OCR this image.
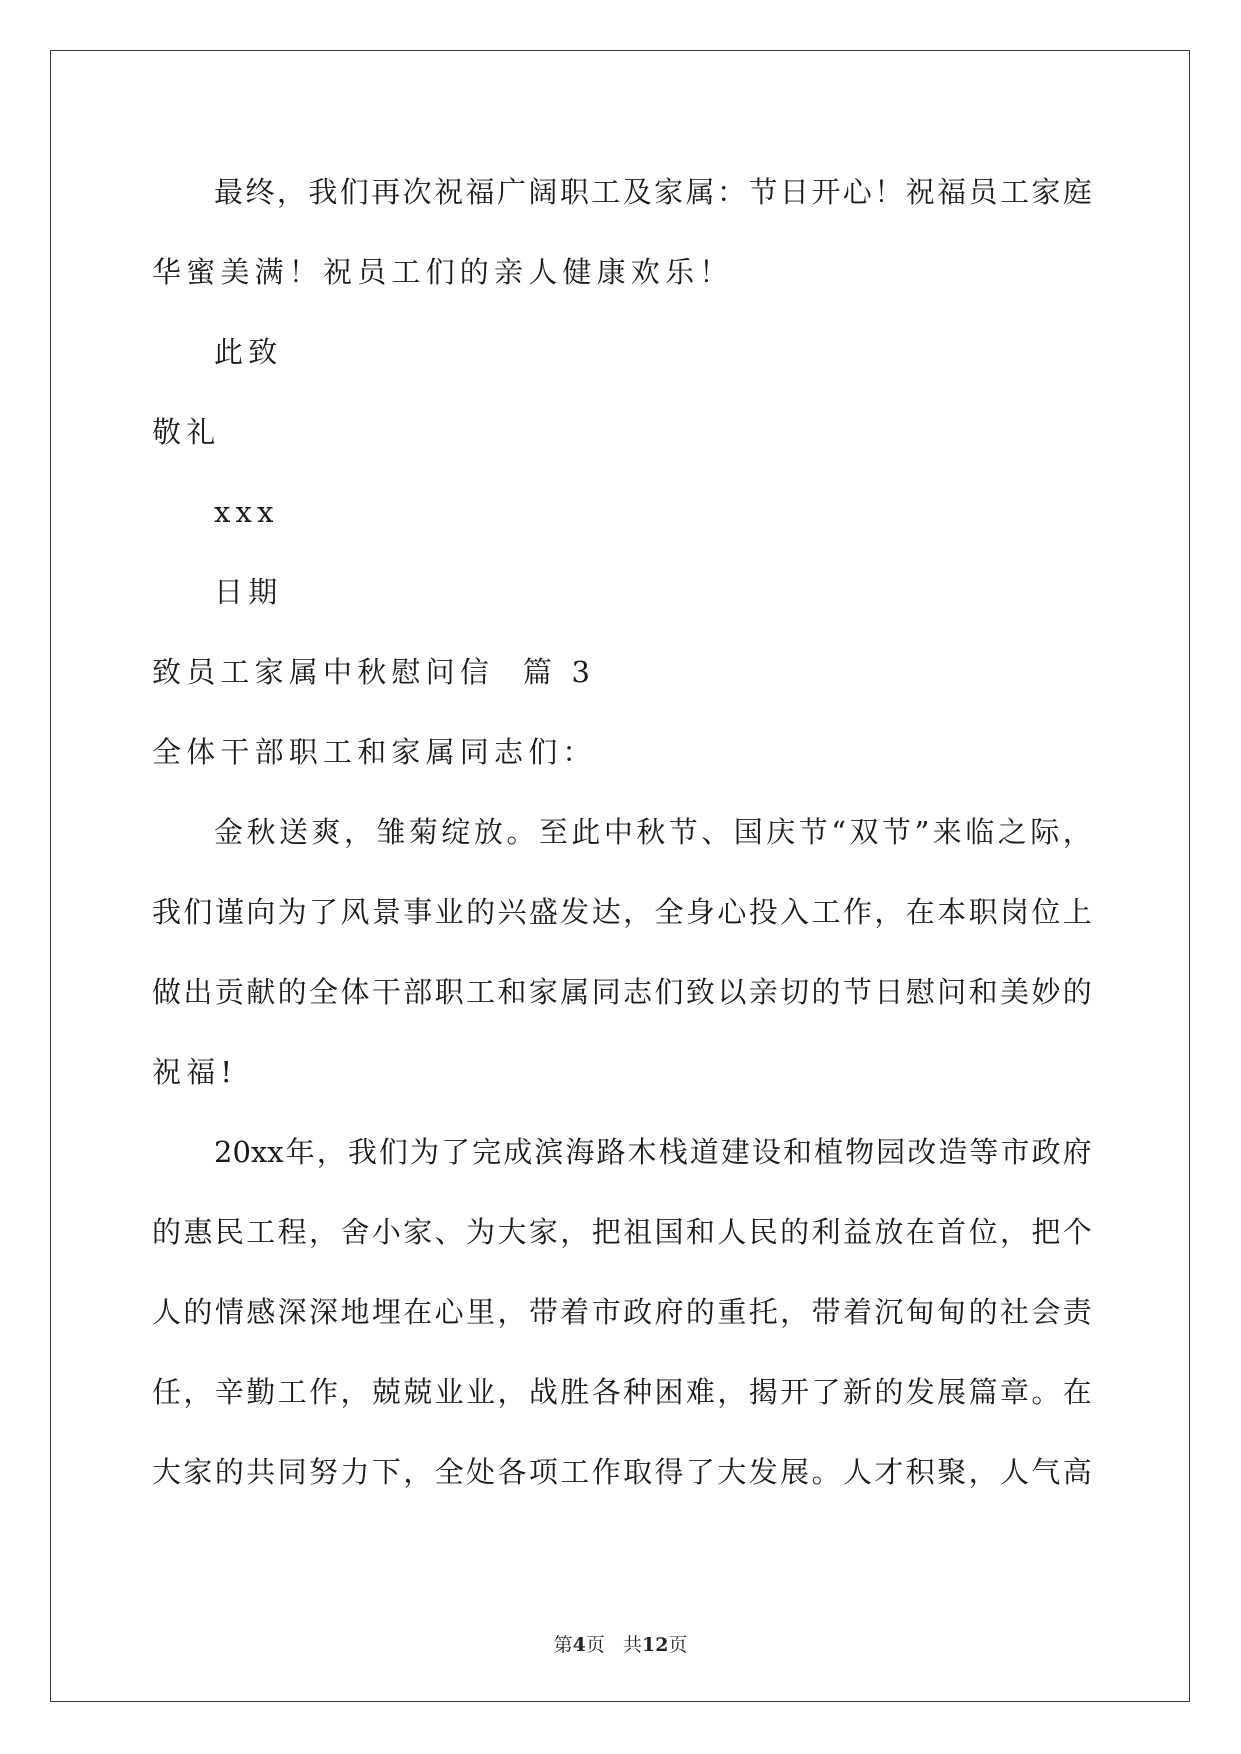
最 终 ， 我 们 再 次 祝 福 广 阔 职 工 及 家 属 ： 节 日 开 心 ！ 祝 福 员 工 家 庭
华蜜美满！祝员工们的亲人健康欢乐！
此致
敬礼
xxx
日期
致员工家属中秋慰问信  篇 3
全体干部职工和家属同志们：
金 秋 送 爽 ， 雏 菊 绽 放 。 至 此 中 秋 节 、 国 庆 节 “ 双 节 ” 来 临 之 际 ，
我 们 谨 向 为 了 风 景 事 业 的 兴 盛 发 达 ， 全 身 心 投 入 工 作 ， 在 本 职 岗 位 上
做 出 贡 献 的 全 体 干 部 职 工 和 家 属 同 志 们 致 以 亲 切 的 节 日 慰 问 和 美 妙 的
祝福!
20xx 年 ， 我 们 为 了 完 成 滨 海 路 木 栈 道 建 设 和 植 物 园 改 造 等 市 政 府
的 惠 民 工 程 ， 舍 小 家 、 为 大 家 ， 把 祖 国 和 人 民 的 利 益 放 在 首 位 ， 把 个
人 的 情 感 深 深 地 埋 在 心 里 ， 带 着 市 政 府 的 重 托 ， 带 着 沉 甸 甸 的 社 会 责
任 ， 辛 勤 工 作 ， 兢 兢 业 业 ， 战 胜 各 种 困 难 ， 揭 开 了 新 的 发 展 篇 章 。 在
大 家 的 共 同 努 力 下 ， 全 处 各 项 工 作 取 得 了 大 发 展 。 人 才 积 聚 ， 人 气 高
第4页 共12页
